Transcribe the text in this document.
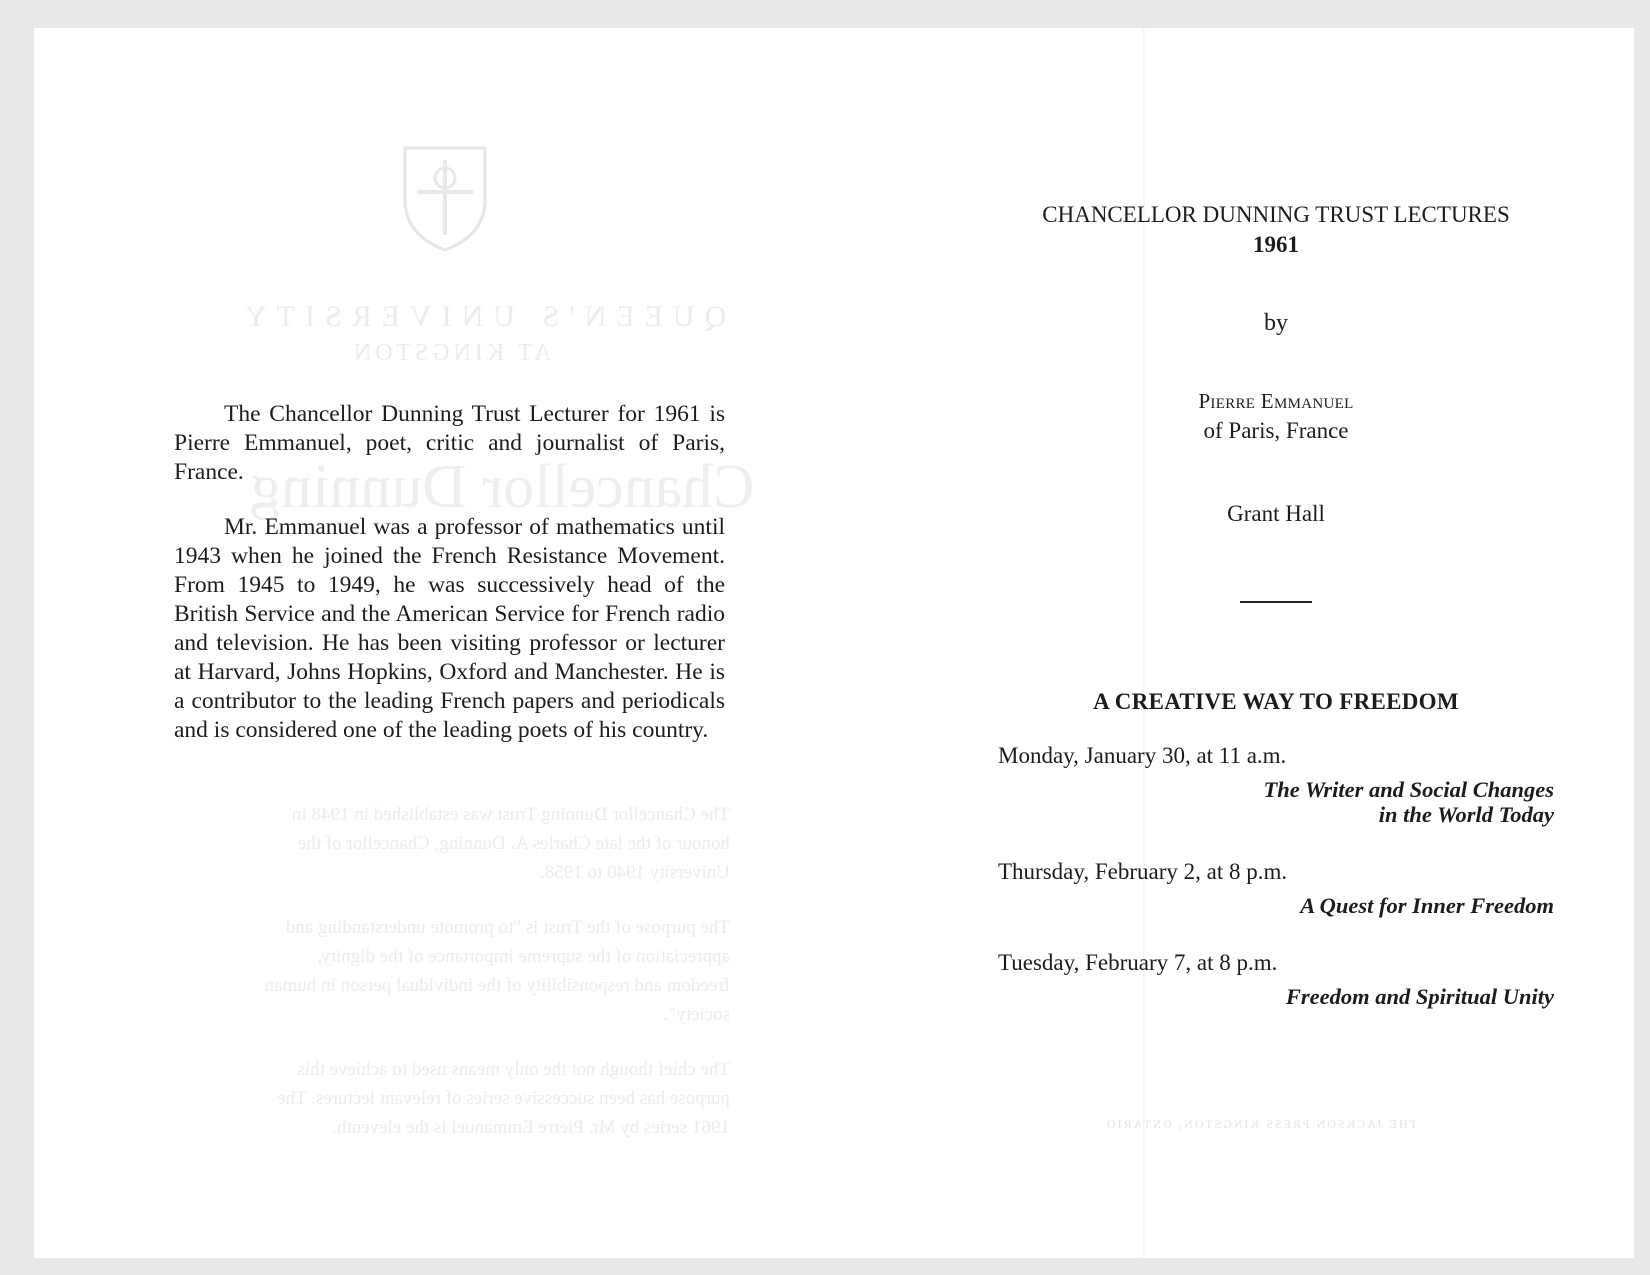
QUEEN'S UNIVERSITY
AT KINGSTON
Chancellor Dunning

The Chancellor Dunning Trust was established in 1948 in honour of the late Charles A. Dunning, Chancellor of the University 1940 to 1958.

The purpose of the Trust is "to promote understanding and appreciation of the supreme importance of the dignity, freedom and responsibility of the individual person in human society".

The chief though not the only means used to achieve this purpose has been successive series of relevant lectures. The 1961 series by Mr. Pierre Emmanuel is the eleventh.	THE JACKSON PRESS KINGSTON, ONTARIO

The Chancellor Dunning Trust Lecturer for 1961 is Pierre Emmanuel, poet, critic and journalist of Paris, France.

Mr. Emmanuel was a professor of mathematics until 1943 when he joined the French Resistance Movement. From 1945 to 1949, he was successively head of the British Service and the American Service for French radio and television. He has been visiting professor or lecturer at Harvard, Johns Hopkins, Oxford and Manchester. He is a contributor to the leading French papers and periodicals and is considered one of the leading poets of his country.

CHANCELLOR DUNNING TRUST LECTURES
1961
by
Pierre Emmanuel
of Paris, France
Grant Hall
A CREATIVE WAY TO FREEDOM
Monday, January 30, at 11 a.m.
The Writer and Social Changes
in the World Today
Thursday, February 2, at 8 p.m.
A Quest for Inner Freedom
Tuesday, February 7, at 8 p.m.
Freedom and Spiritual Unity
